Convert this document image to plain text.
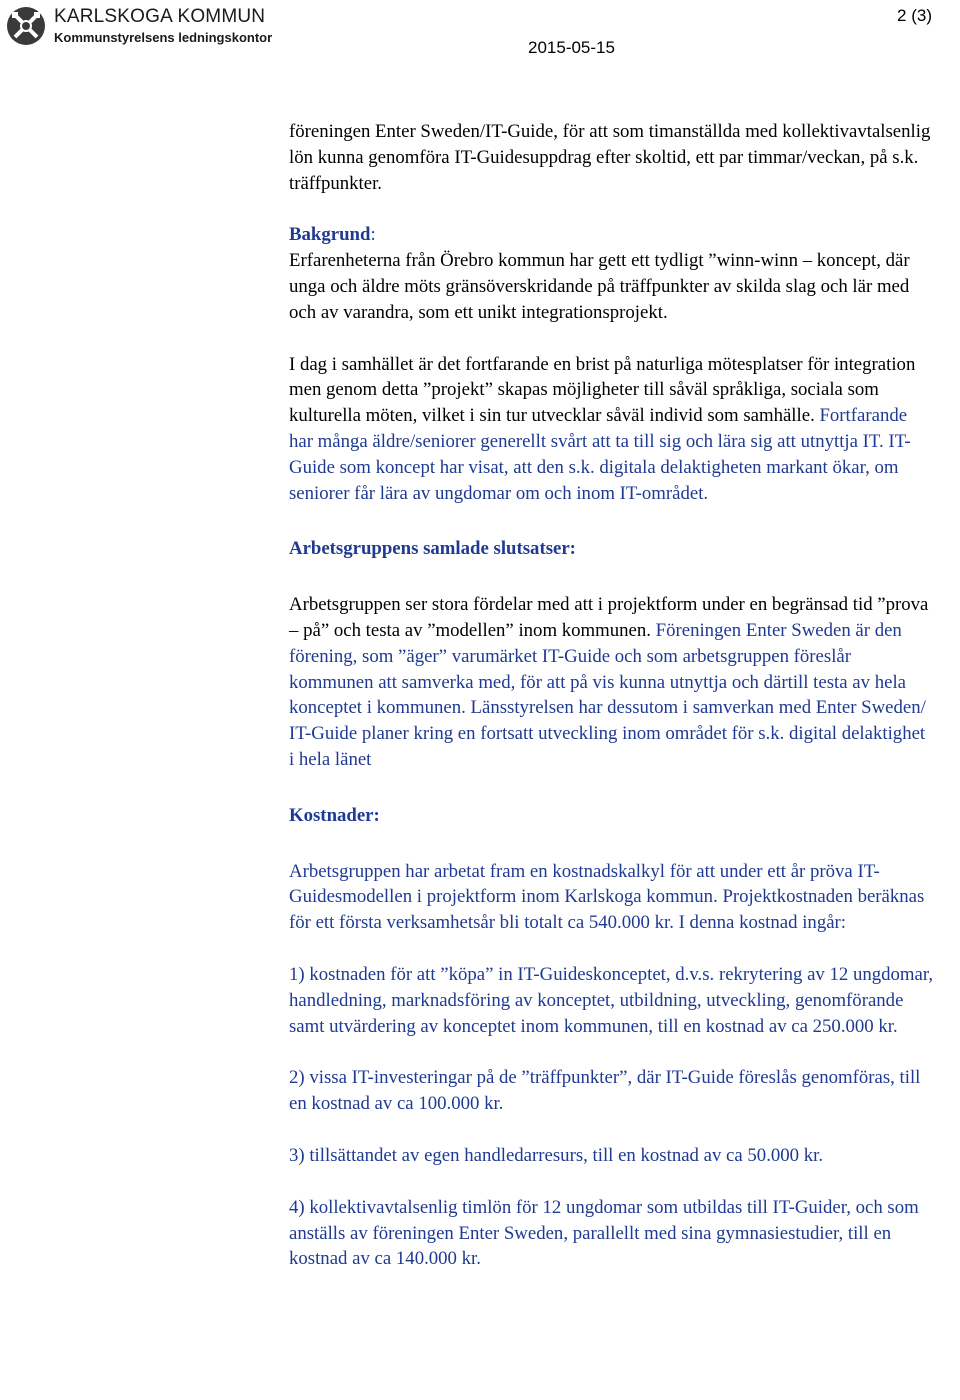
KARLSKOGA KOMMUN
Kommunstyrelsens ledningskontor
2 (3)
2015-05-15

föreningen Enter Sweden/IT-Guide, för att som timanställda med kollektivavtalsenlig lön kunna genomföra IT-Guidesuppdrag efter skoltid, ett par timmar/veckan, på s.k. träffpunkter.

Bakgrund:

Erfarenheterna från Örebro kommun har gett ett tydligt ”winn-winn – koncept, där unga och äldre möts gränsöverskridande på träffpunkter av skilda slag och lär med och av varandra, som ett unikt integrationsprojekt.

I dag i samhället är det fortfarande en brist på naturliga mötesplatser för integration men genom detta ”projekt” skapas möjligheter till såväl språkliga, sociala som kulturella möten, vilket i sin tur utvecklar såväl individ som samhälle. Fortfarande har många äldre/seniorer generellt svårt att ta till sig och lära sig att utnyttja IT. IT-Guide som koncept har visat, att den s.k. digitala delaktigheten markant ökar, om seniorer får lära av ungdomar om och inom IT-området.

Arbetsgruppens samlade slutsatser:

Arbetsgruppen ser stora fördelar med att i projektform under en begränsad tid ”prova – på” och testa av ”modellen” inom kommunen. Föreningen Enter Sweden är den förening, som ”äger” varumärket IT-Guide och som arbetsgruppen föreslår kommunen att samverka med, för att på vis kunna utnyttja och därtill testa av hela konceptet i kommunen. Länsstyrelsen har dessutom i samverkan med Enter Sweden/ IT-Guide planer kring en fortsatt utveckling inom området för s.k. digital delaktighet i hela länet

Kostnader:

Arbetsgruppen har arbetat fram en kostnadskalkyl för att under ett år pröva IT-Guidesmodellen i projektform inom Karlskoga kommun. Projektkostnaden beräknas för ett första verksamhetsår bli totalt ca 540.000 kr. I denna kostnad ingår:

1) kostnaden för att ”köpa” in IT-Guideskonceptet, d.v.s. rekrytering av 12 ungdomar, handledning, marknadsföring av konceptet, utbildning, utveckling, genomförande samt utvärdering av konceptet inom kommunen, till en kostnad av ca 250.000 kr.

2) vissa IT-investeringar på de ”träffpunkter”, där IT-Guide föreslås genomföras, till en kostnad av ca 100.000 kr.

3) tillsättandet av egen handledarresurs, till en kostnad av ca 50.000 kr.

4) kollektivavtalsenlig timlön för 12 ungdomar som utbildas till IT-Guider, och som anställs av föreningen Enter Sweden, parallellt med sina gymnasiestudier, till en kostnad av ca 140.000 kr.
